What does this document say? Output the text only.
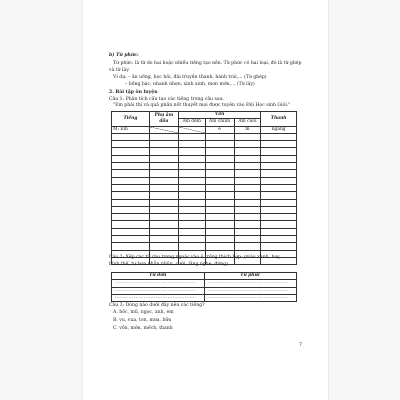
b) Từ phức:
Từ phức: là từ do hai hoặc nhiều tiếng tạo nên. Từ phức có hai loại, đó là từ ghép
và từ láy.
Ví dụ: – ăn uống, học hỏi, đài truyền thanh, bánh trái,... (Từ ghép)
– bồng bác, nhanh nhẹn, xinh xinh, mơn mởn,... (Từ láy)
2. Bài tập ôn luyện
Câu 1: Phân tích cấu tạo các tiếng trong câu sau.
"Em phải thi và quả phấn nốt thuyết mọi được tuyên vào Đội Học sinh Giỏi."
Tiếng	Phụ âm đầu	Vần			Thanh
		Âm đệm	Âm chính	Âm cuối	
M: Em			e	m	ngang

Câu 2: Xếp các từ cho trong ngoặc vào ô trống thích hợp: (màu xanh, bay,
bình thế, tự bon nhẫn nhũn, cười, lắng nghe, đứng)
Từ đơn	Từ phức
................................................	................................................
................................................	................................................
................................................	................................................
Câu 3: Dòng nào dưới đây nêu các tiếng?
A. hốc, mũ, ngọc, anh, em
B. vu, vua, ton, mưa, bữu
C. vồn, mớn, mếch, thanh
7
